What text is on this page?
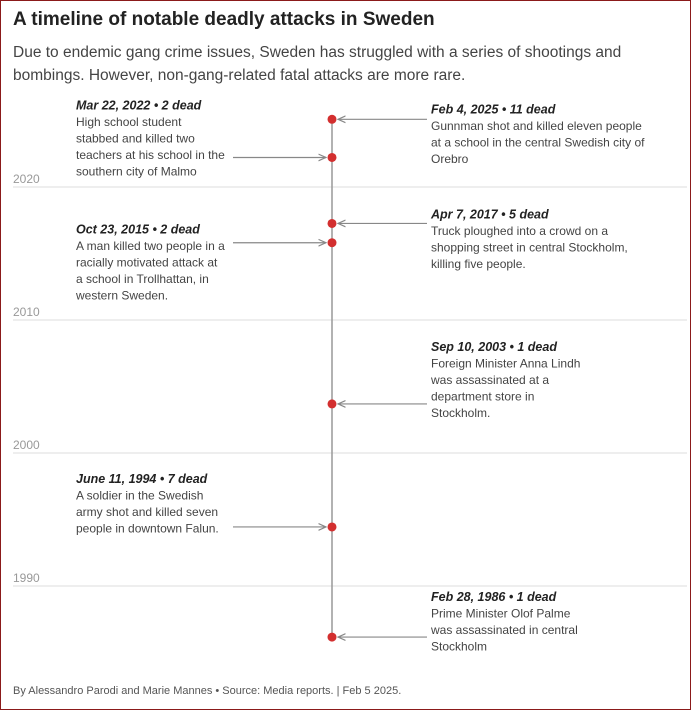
A timeline of notable deadly attacks in Sweden

Due to endemic gang crime issues, Sweden has struggled with a series of shootings and bombings. However, non-gang-related fatal attacks are more rare.

1990
2000
2010
2020
Feb 4, 2025 • 11 dead
Gunnman shot and killed eleven people
at a school in the central Swedish city of
Orebro
Mar 22, 2022 • 2 dead
High school student
stabbed and killed two
teachers at his school in the
southern city of Malmo
Apr 7, 2017 • 5 dead
Truck ploughed into a crowd on a
shopping street in central Stockholm,
killing five people.
Oct 23, 2015 • 2 dead
A man killed two people in a
racially motivated attack at
a school in Trollhattan, in
western Sweden.
Sep 10, 2003 • 1 dead
Foreign Minister Anna Lindh
was assassinated at a
department store in
Stockholm.
June 11, 1994 • 7 dead
A soldier in the Swedish
army shot and killed seven
people in downtown Falun.
Feb 28, 1986 • 1 dead
Prime Minister Olof Palme
was assassinated in central
Stockholm

By Alessandro Parodi and Marie Mannes • Source: Media reports. | Feb 5 2025.
